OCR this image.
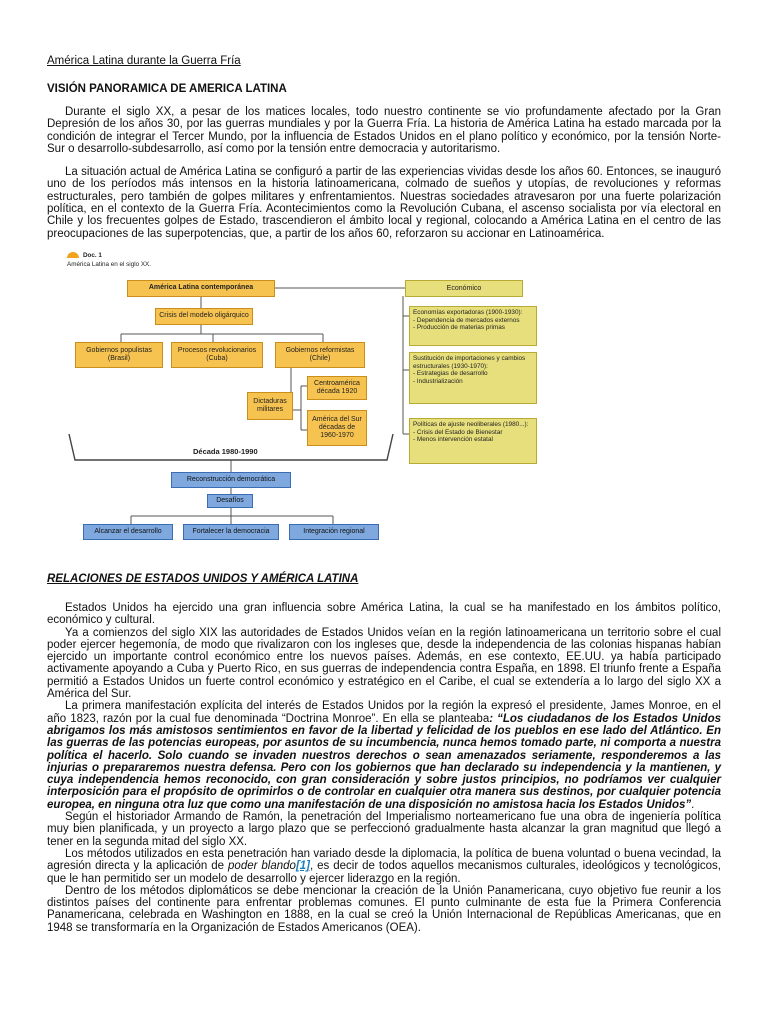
América Latina durante la Guerra Fría
VISIÓN PANORAMICA DE AMERICA LATINA

Durante el siglo XX, a pesar de los matices locales, todo nuestro continente se vio profundamente afectado por la Gran Depresión de los años 30, por las guerras mundiales y por la Guerra Fría. La historia de América Latina ha estado marcada por la condición de integrar el Tercer Mundo, por la influencia de Estados Unidos en el plano político y económico, por la tensión Norte-Sur o desarrollo-subdesarrollo, así como por la tensión entre democracia y autoritarismo.

La situación actual de América Latina se configuró a partir de las experiencias vividas desde los años 60. Entonces, se inauguró uno de los períodos más intensos en la historia latinoamericana, colmado de sueños y utopías, de revoluciones y reformas estructurales, pero también de golpes militares y enfrentamientos. Nuestras sociedades atravesaron por una fuerte polarización política, en el contexto de la Guerra Fría. Acontecimientos como la Revolución Cubana, el ascenso socialista por vía electoral en Chile y los frecuentes golpes de Estado, trascendieron el ámbito local y regional, colocando a América Latina en el centro de las preocupaciones de las superpotencias, que, a partir de los años 60, reforzaron su accionar en Latinoamérica.

Doc. 1
América Latina en el siglo XX.
América Latina contemporánea
Crisis del modelo oligárquico
Gobiernos populistas
(Brasil)
Procesos revolucionarios
(Cuba)
Gobiernos reformistas
(Chile)
Dictaduras
militares
Centroamérica
década 1920
América del Sur
décadas de
1960-1970
Económico
Economías exportadoras (1900-1930):
- Dependencia de mercados externos
- Producción de materias primas
Sustitución de importaciones y cambios estructurales (1930-1970):
- Estrategias de desarrollo
- Industrialización
Políticas de ajuste neoliberales (1980...):
- Crisis del Estado de Bienestar
- Menos intervención estatal
Década 1980-1990
Reconstrucción democrática
Desafíos
Alcanzar el desarrollo	Fortalecer la democracia	Integración regional
RELACIONES DE ESTADOS UNIDOS Y AMÉRICA LATINA

Estados Unidos ha ejercido una gran influencia sobre América Latina, la cual se ha manifestado en los ámbitos político, económico y cultural.

Ya a comienzos del siglo XIX las autoridades de Estados Unidos veían en la región latinoamericana un territorio sobre el cual poder ejercer hegemonía, de modo que rivalizaron con los ingleses que, desde la independencia de las colonias hispanas habían ejercido un importante control económico entre los nuevos países. Además, en ese contexto, EE.UU. ya había participado activamente apoyando a Cuba y Puerto Rico, en sus guerras de independencia contra España, en 1898. El triunfo frente a España permitió a Estados Unidos un fuerte control económico y estratégico en el Caribe, el cual se extendería a lo largo del siglo XX a América del Sur.

La primera manifestación explícita del interés de Estados Unidos por la región la expresó el presidente, James Monroe, en el año 1823, razón por la cual fue denominada “Doctrina Monroe”. En ella se planteaba: “Los ciudadanos de los Estados Unidos abrigamos los más amistosos sentimientos en favor de la libertad y felicidad de los pueblos en ese lado del Atlántico. En las guerras de las potencias europeas, por asuntos de su incumbencia, nunca hemos tomado parte, ni comporta a nuestra política el hacerlo. Solo cuando se invaden nuestros derechos o sean amenazados seriamente, responderemos a las injurias o prepararemos nuestra defensa. Pero con los gobiernos que han declarado su independencia y la mantienen, y cuya independencia hemos reconocido, con gran consideración y sobre justos principios, no podríamos ver cualquier interposición para el propósito de oprimirlos o de controlar en cualquier otra manera sus destinos, por cualquier potencia europea, en ninguna otra luz que como una manifestación de una disposición no amistosa hacia los Estados Unidos”.

Según el historiador Armando de Ramón, la penetración del Imperialismo norteamericano fue una obra de ingeniería política muy bien planificada, y un proyecto a largo plazo que se perfeccionó gradualmente hasta alcanzar la gran magnitud que llegó a tener en la segunda mitad del siglo XX.

Los métodos utilizados en esta penetración han variado desde la diplomacia, la política de buena voluntad o buena vecindad, la agresión directa y la aplicación de poder blando[1], es decir de todos aquellos mecanismos culturales, ideológicos y tecnológicos, que le han permitido ser un modelo de desarrollo y ejercer liderazgo en la región.

Dentro de los métodos diplomáticos se debe mencionar la creación de la Unión Panamericana, cuyo objetivo fue reunir a los distintos países del continente para enfrentar problemas comunes. El punto culminante de esta fue la Primera Conferencia Panamericana, celebrada en Washington en 1888, en la cual se creó la Unión Internacional de Repúblicas Americanas, que en 1948 se transformaría en la Organización de Estados Americanos (OEA).
